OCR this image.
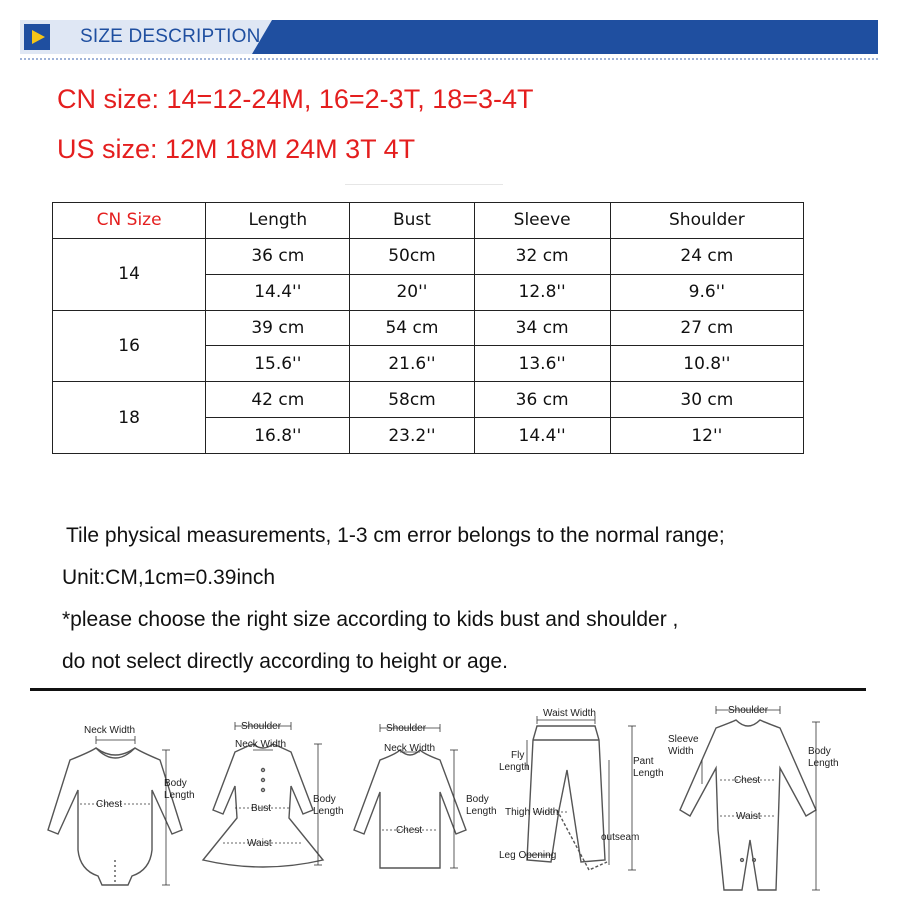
SIZE DESCRIPTION
CN size: 14=12-24M, 16=2-3T, 18=3-4T
US size: 12M 18M 24M 3T 4T
CN Size	Length	Bust	Sleeve	Shoulder
14	36 cm	50cm	32 cm	24 cm
	14.4''	20''	12.8''	9.6''
16	39 cm	54 cm	34 cm	27 cm
	15.6''	21.6''	13.6''	10.8''
18	42 cm	58cm	36 cm	30 cm
	16.8''	23.2''	14.4''	12''
Tile physical measurements, 1-3 cm error belongs to the normal range;
Unit:CM,1cm=0.39inch
*please choose the right size according to kids bust and shoulder ,
do not select directly according to height or age.
Neck Width
Chest
Body
Length
Shoulder
Neck Width
Bust
Waist
Body
Length
Shoulder
Neck Width
Chest
Body
Length
Waist Width
Fly
Length
Pant
Length
Thigh Width
outseam
Leg Opening
Shoulder
Sleeve
Width
Chest
Waist
Body
Length
